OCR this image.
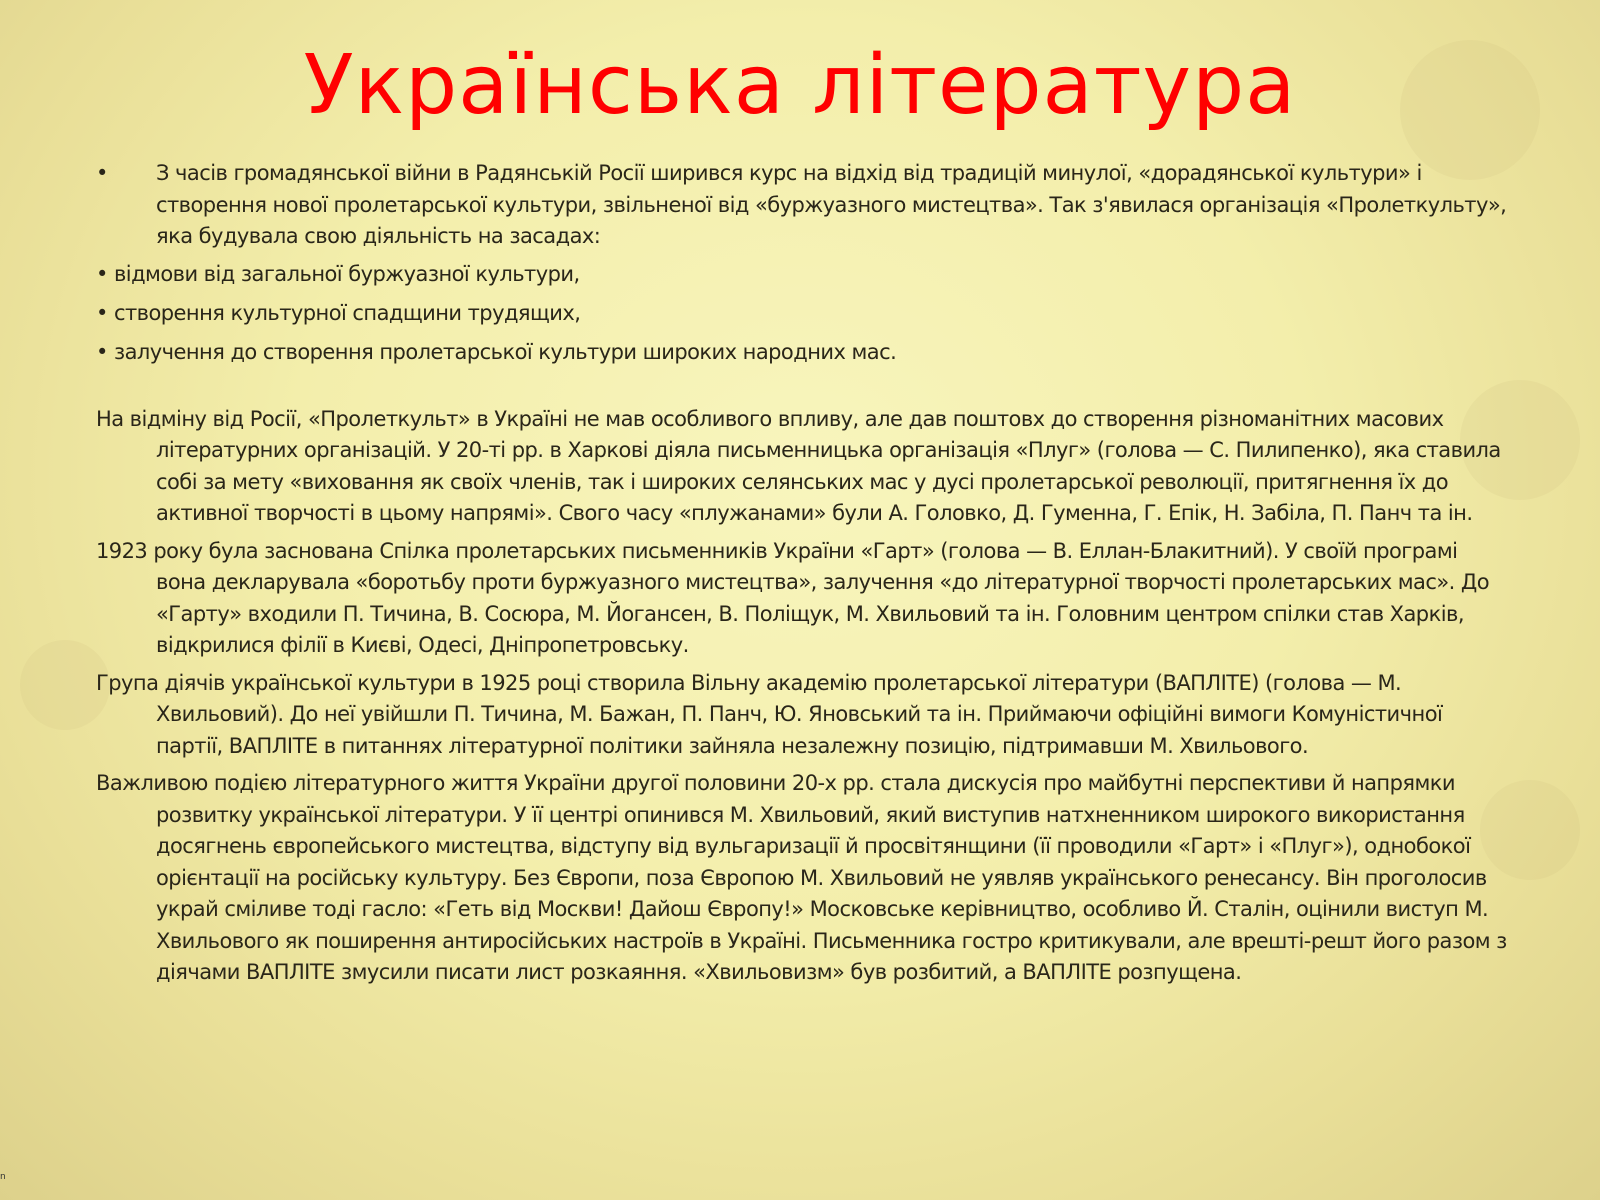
Українська література
•	З часів громадянської війни в Радянській Росії ширився курс на відхід від традицій минулої, «дорадянської культури» і створення нової пролетарської культури, звільненої від «буржуазного мистецтва». Так з'явилася організація «Пролеткульту», яка будувала свою діяльність на засадах:
• відмови від загальної буржуазної культури,
• створення культурної спадщини трудящих,
• залучення до створення пролетарської культури широких народних мас.
На відміну від Росії, «Пролеткульт» в Україні не мав особливого впливу, але дав поштовх до створення різноманітних масових літературних організацій. У 20-ті рр. в Харкові діяла письменницька організація «Плуг» (голова — С. Пилипенко), яка ставила собі за мету «виховання як своїх членів, так і широких селянських мас у дусі пролетарської революції, притягнення їх до активної творчості в цьому напрямі». Свого часу «плужанами» були А. Головко, Д. Гуменна, Г. Епік, Н. Забіла, П. Панч та ін.
1923 року була заснована Спілка пролетарських письменників України «Гарт» (голова — В. Еллан-Блакитний). У своїй програмі вона декларувала «боротьбу проти буржуазного мистецтва», залучення «до літературної творчості пролетарських мас». До «Гарту» входили П. Тичина, В. Сосюра, М. Йогансен, В. Поліщук, М. Хвильовий та ін. Головним центром спілки став Харків, відкрилися філії в Києві, Одесі, Дніпропетровську.
Група діячів української культури в 1925 році створила Вільну академію пролетарської літератури (ВАПЛІТЕ) (голова — М. Хвильовий). До неї увійшли П. Тичина, М. Бажан, П. Панч, Ю. Яновський та ін. Приймаючи офіційні вимоги Комуністичної партії, ВАПЛІТЕ в питаннях літературної політики зайняла незалежну позицію, підтримавши М. Хвильового.
Важливою подією літературного життя України другої половини 20-х рр. стала дискусія про майбутні перспективи й напрямки розвитку української літератури. У її центрі опинився М. Хвильовий, який виступив натхненником широкого використання досягнень європейського мистецтва, відступу від вульгаризації й просвітянщини (її проводили «Гарт» і «Плуг»), однобокої орієнтації на російську культуру. Без Європи, поза Європою М. Хвильовий не уявляв українського ренесансу. Він проголосив украй сміливе тоді гасло: «Геть від Москви! Дайош Європу!» Московське керівництво, особливо Й. Сталін, оцінили виступ М. Хвильового як поширення антиросійських настроїв в Україні. Письменника гостро критикували, але врешті-решт його разом з діячами ВАПЛІТЕ змусили писати лист розкаяння. «Хвильовизм» був розбитий, а ВАПЛІТЕ розпущена.
n
